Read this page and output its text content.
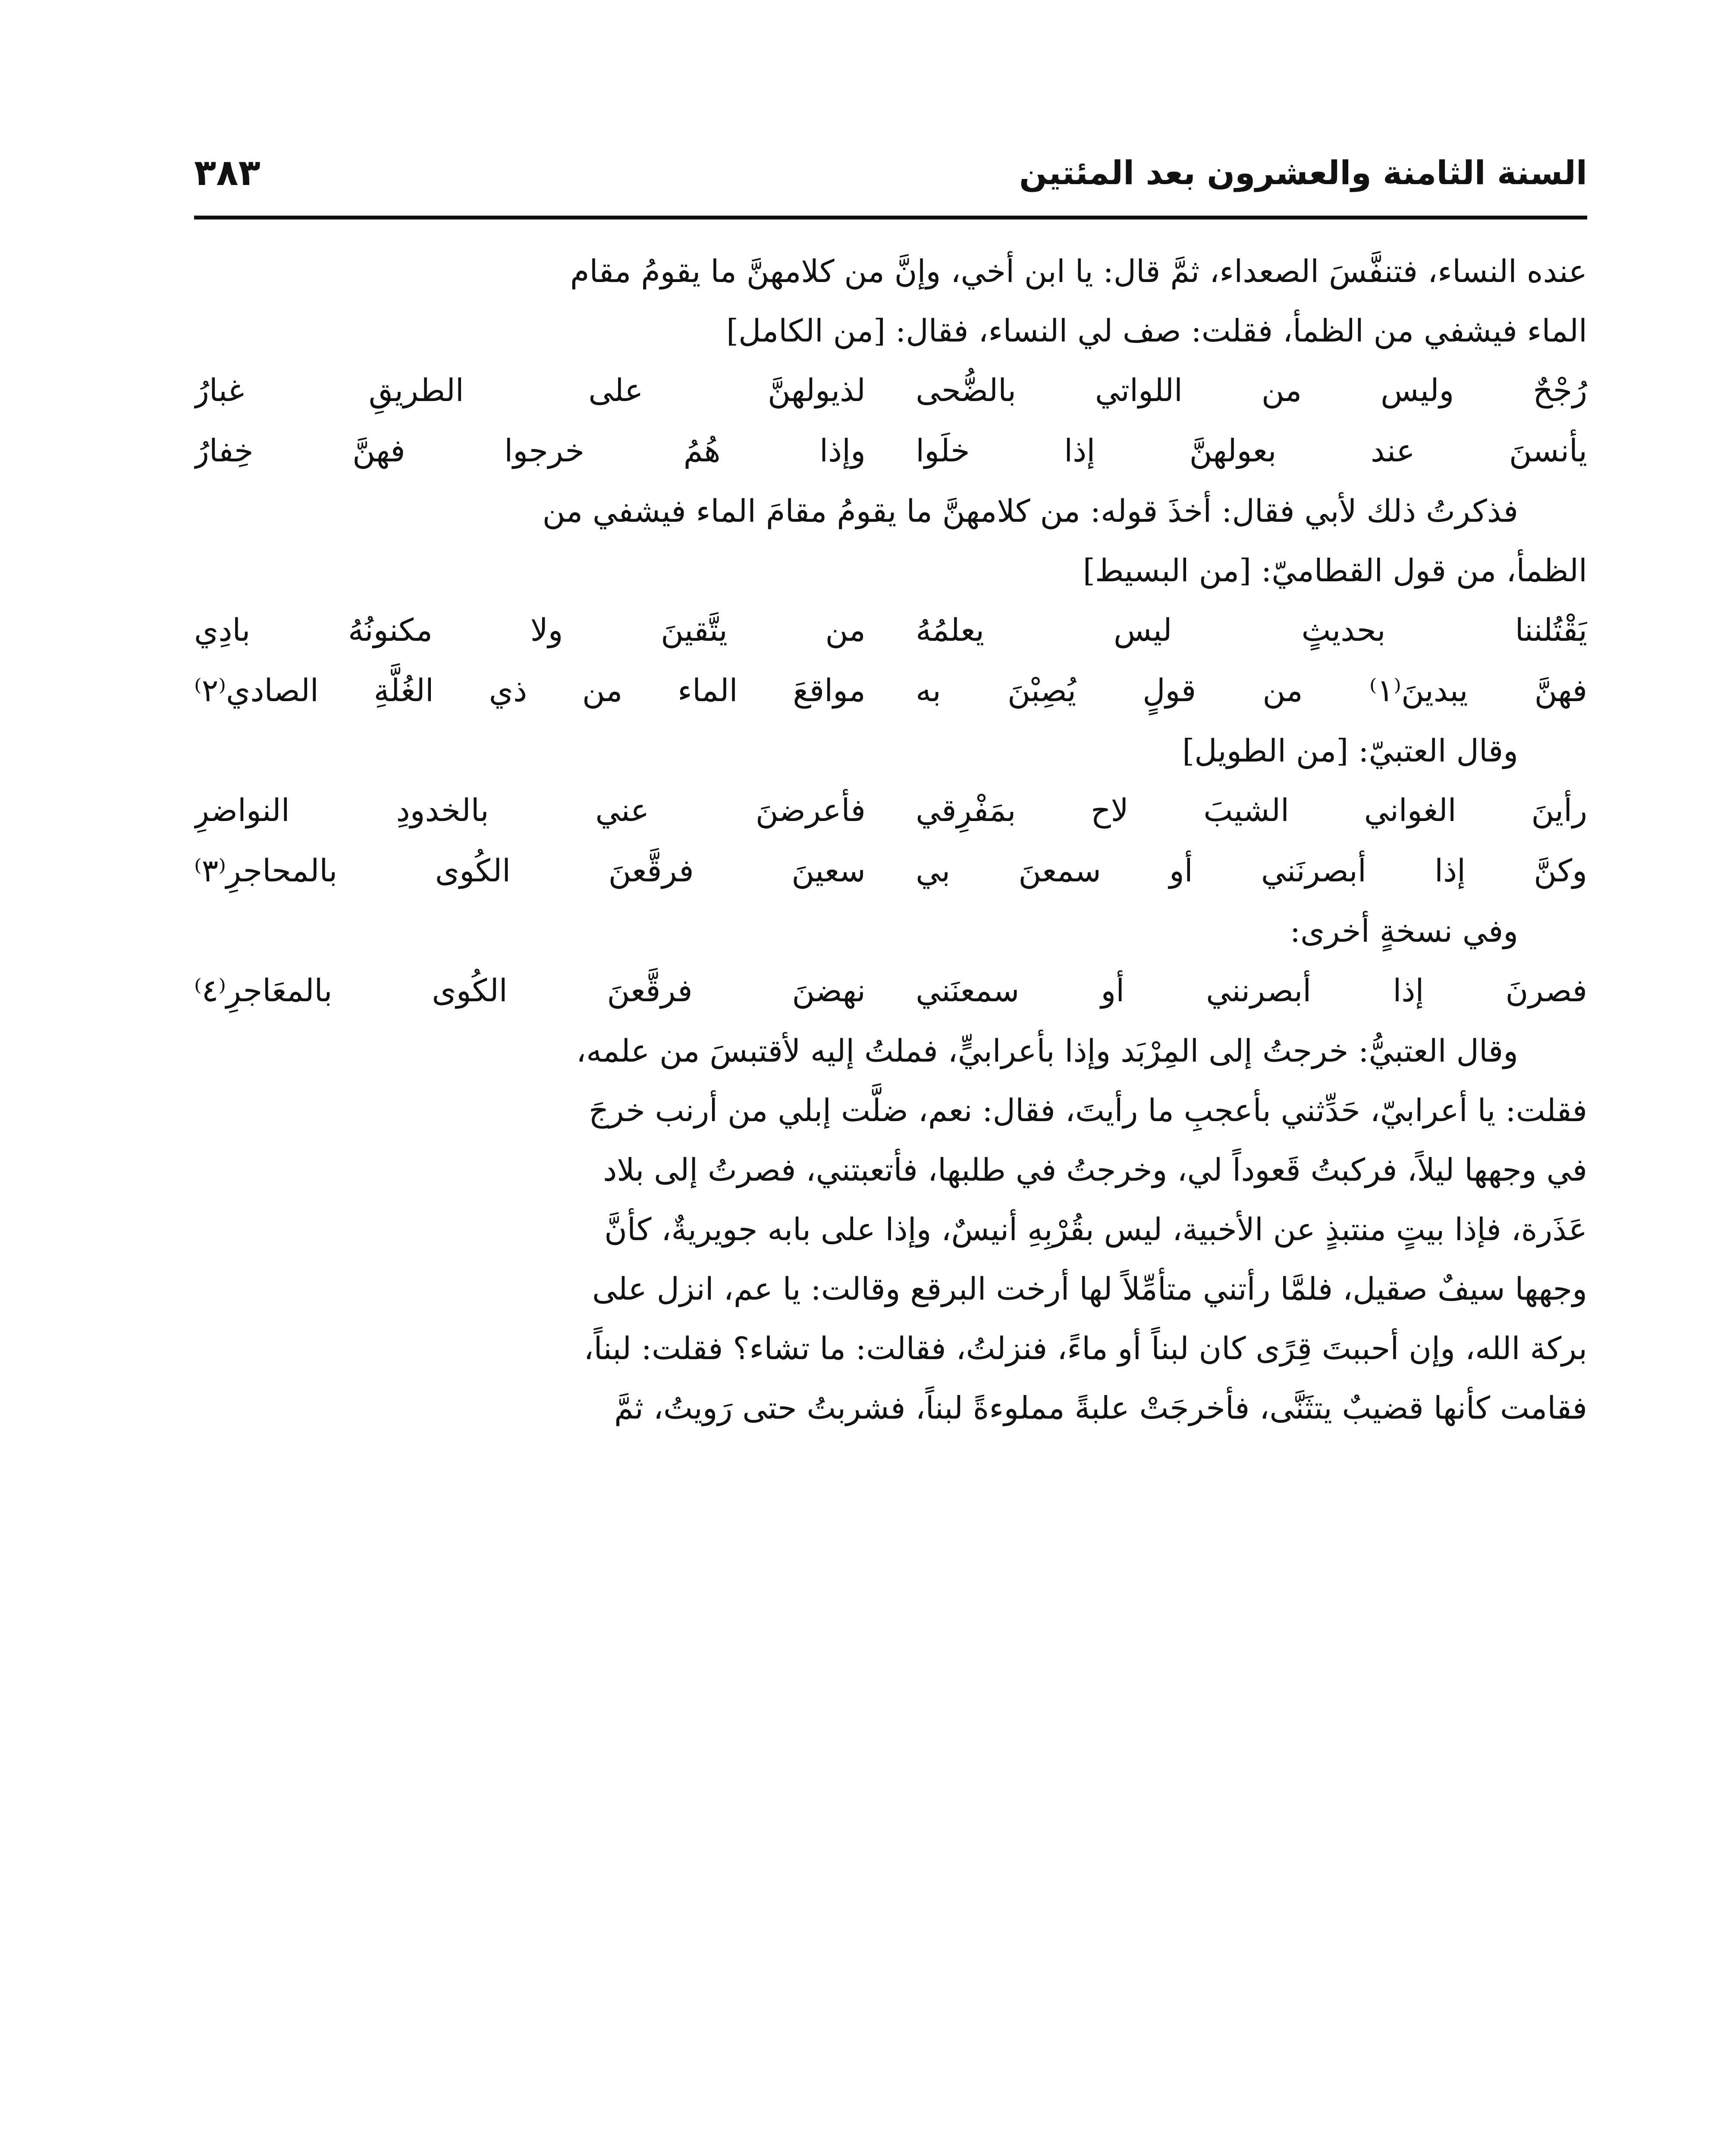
السنة الثامنة والعشرون بعد المئتين
٣٨٣

عنده النساء، فتنفَّسَ الصعداء، ثمَّ قال: يا ابن أخي، وإنَّ من كلامهنَّ ما يقومُ مقام

الماء فيشفي من الظمأ، فقلت: صف لي النساء، فقال: [من الكامل]

رُجْحٌ وليس من اللواتي بالضُّحى
لذيولهنَّ على الطريقِ غبارُ
يأنسنَ عند بعولهنَّ إذا خلَوا
وإذا هُمُ خرجوا فهنَّ خِفارُ

فذكرتُ ذلك لأبي فقال: أخذَ قوله: من كلامهنَّ ما يقومُ مقامَ الماء فيشفي من

الظمأ، من قول القطاميّ: [من البسيط]

يَقْتُلننا بحديثٍ ليس يعلمُهُ
من يتَّقينَ ولا مكنونُهُ بادِي
فهنَّ يبدينَ⁽١⁾ من قولٍ يُصِبْنَ به
مواقعَ الماء من ذي الغُلَّةِ الصادي⁽٢⁾

وقال العتبيّ: [من الطويل]

رأينَ الغواني الشيبَ لاح بمَفْرِقي
فأعرضنَ عني بالخدودِ النواضرِ
وكنَّ إذا أبصرنَني أو سمعنَ بي
سعينَ فرقَّعنَ الكُوى بالمحاجرِ⁽٣⁾

وفي نسخةٍ أخرى:

فصرنَ إذا أبصرنني أو سمعنَني
نهضنَ فرقَّعنَ الكُوى بالمعَاجرِ⁽٤⁾

وقال العتبيُّ: خرجتُ إلى المِرْبَد وإذا بأعرابيٍّ، فملتُ إليه لأقتبسَ من علمه،

فقلت: يا أعرابيّ، حَدِّثني بأعجبِ ما رأيتَ، فقال: نعم، ضلَّت إبلي من أرنب خرجَ

في وجهها ليلاً، فركبتُ قَعوداً لي، وخرجتُ في طلبها، فأتعبتني، فصرتُ إلى بلاد

عَذَرة، فإذا بيتٍ منتبذٍ عن الأخبية، ليس بقُرْبِهِ أنيسٌ، وإذا على بابه جويريةٌ، كأنَّ

وجهها سيفٌ صقيل، فلمَّا رأتني متأمِّلاً لها أرخت البرقع وقالت: يا عم، انزل على

بركة الله، وإن أحببتَ قِرًى كان لبناً أو ماءً، فنزلتُ، فقالت: ما تشاء؟ فقلت: لبناً،

فقامت كأنها قضيبٌ يتثَنَّى، فأخرجَتْ علبةً مملوءةً لبناً، فشربتُ حتى رَويتُ، ثمَّ
